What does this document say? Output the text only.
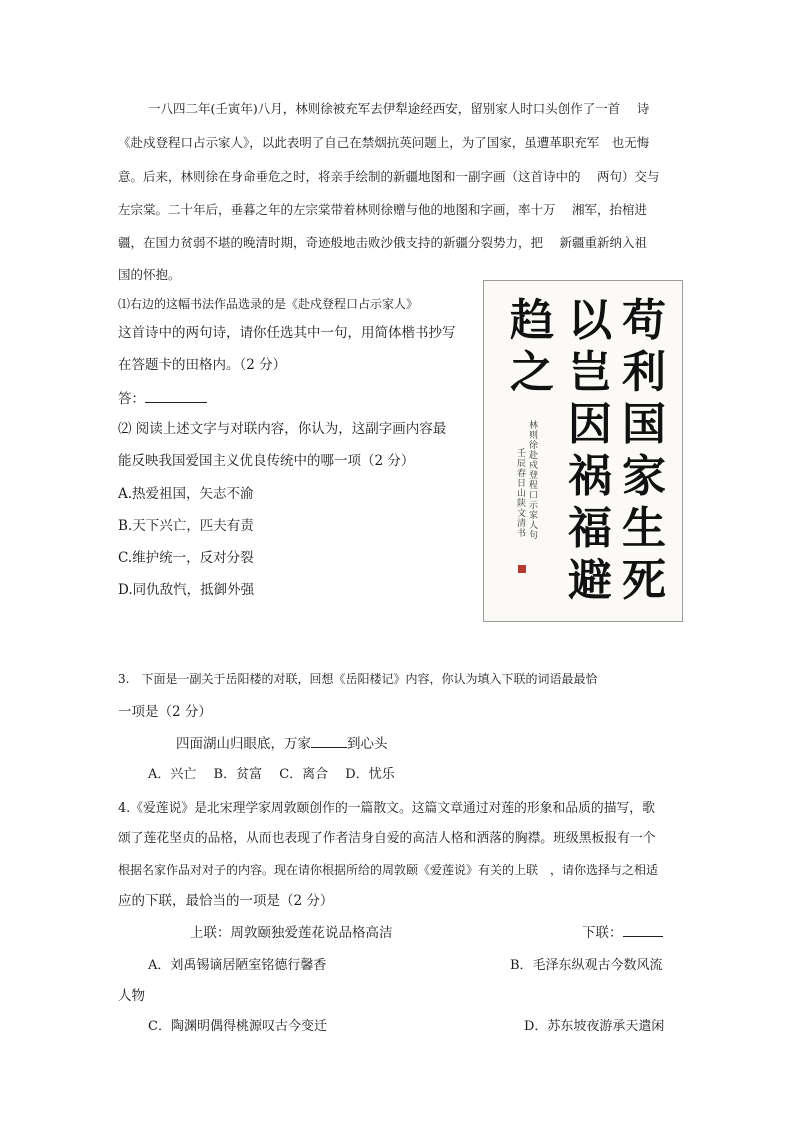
一八四二年(壬寅年)八月，林则徐被充军去伊犁途经西安，留别家人时口头创作了一首　 诗
《赴戍登程口占示家人》，以此表明了自己在禁烟抗英问题上，为了国家，虽遭革职充军　也无悔
意。后来，林则徐在身命垂危之时，将亲手绘制的新疆地图和一副字画（这首诗中的　 两句）交与
左宗棠。二十年后，垂暮之年的左宗棠带着林则徐赠与他的地图和字画，率十万　 湘军，抬棺进
疆，在国力贫弱不堪的晚清时期，奇迹般地击败沙俄支持的新疆分裂势力，把　 新疆重新纳入祖
国的怀抱。
⑴右边的这幅书法作品选录的是《赴戍登程口占示家人》
这首诗中的两句诗，请你任选其中一句，用简体楷书抄写
在答题卡的田格内。（2 分）
答：
⑵ 阅读上述文字与对联内容，你认为，这副字画内容最
能反映我国爱国主义优良传统中的哪一项（2 分）
A.热爱祖国，矢志不渝
B.天下兴亡，匹夫有责
C.维护统一，反对分裂
D.同仇敌忾，抵御外强
苟利国家生死
以岂因祸福避
趋之
林则徐赴戍登程口示家人句
壬辰春日山陕文清书
3.　下面是一副关于岳阳楼的对联，回想《岳阳楼记》内容，你认为填入下联的词语最最恰
一项是（2 分）
四面湖山归眼底，万家	到心头
A．兴亡　 B．贫富　 C．离合　 D．忧乐
4.《爱莲说》是北宋理学家周敦颐创作的一篇散文。这篇文章通过对莲的形象和品质的描写，歌
颂了莲花坚贞的品格，从而也表现了作者洁身自爱的高洁人格和洒落的胸襟。班级黑板报有一个
根据名家作品对对子的内容。现在请你根据所给的周敦颐《爱莲说》有关的上联　，请你选择与之相适
应的下联，最恰当的一项是（2 分）
上联：周敦颐独爱莲花说品格高洁	下联：
A．刘禹锡谪居陋室铭德行馨香	B．毛泽东纵观古今数风流
人物
C．陶渊明偶得桃源叹古今变迁	D．苏东坡夜游承天遣闲
